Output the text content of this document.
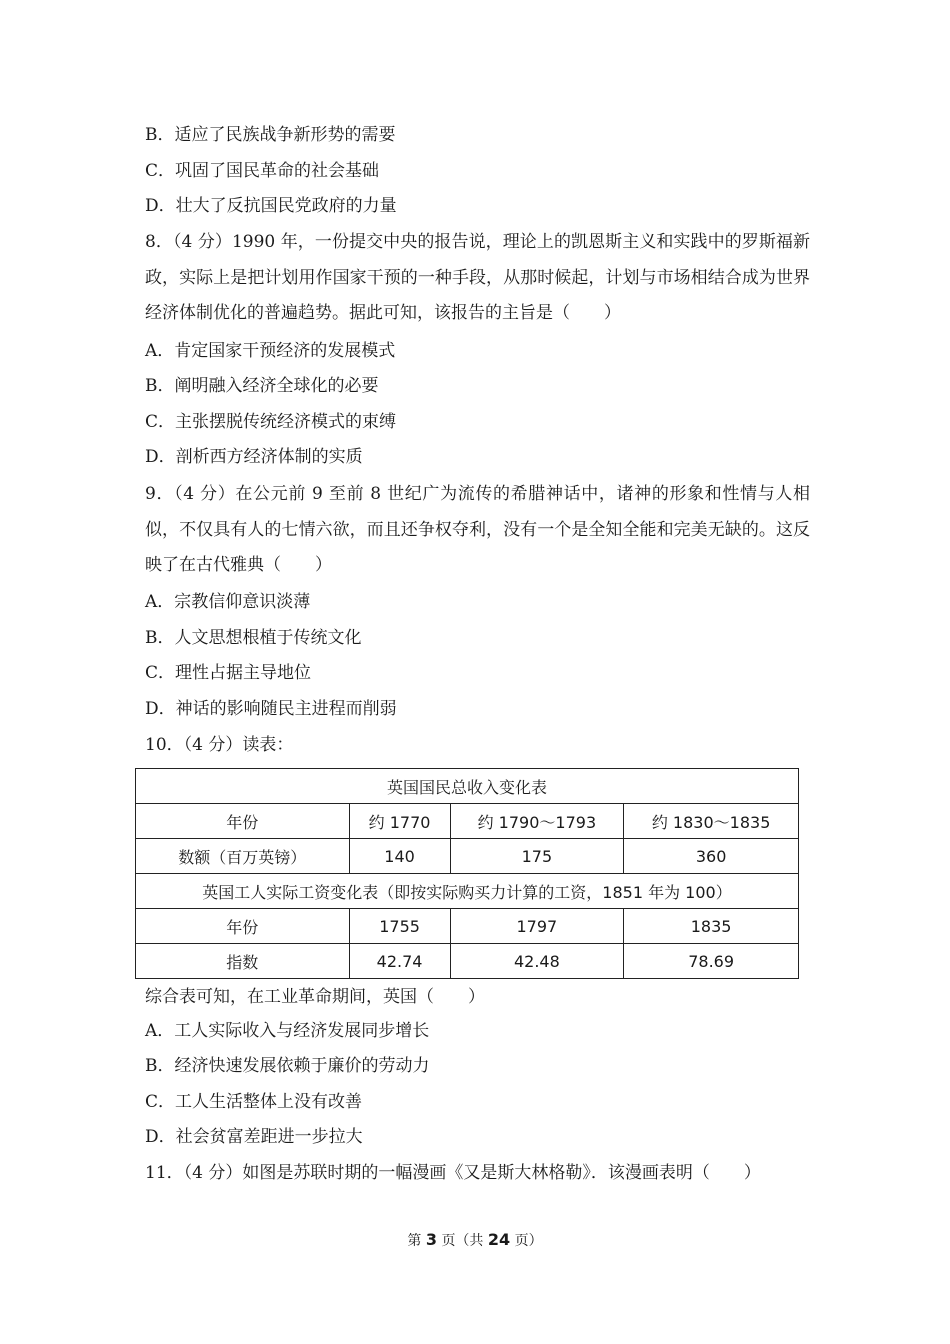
B．适应了民族战争新形势的需要
C．巩固了国民革命的社会基础
D．壮大了反抗国民党政府的力量
8．（4 分）1990 年，一份提交中央的报告说，理论上的凯恩斯主义和实践中的罗斯福新政，实际上是把计划用作国家干预的一种手段，从那时候起，计划与市场相结合成为世界经济体制优化的普遍趋势。据此可知，该报告的主旨是（　　）
A．肯定国家干预经济的发展模式
B．阐明融入经济全球化的必要
C．主张摆脱传统经济模式的束缚
D．剖析西方经济体制的实质
9．（4 分）在公元前 9 至前 8 世纪广为流传的希腊神话中，诸神的形象和性情与人相似，不仅具有人的七情六欲，而且还争权夺利，没有一个是全知全能和完美无缺的。这反映了在古代雅典（　　）
A．宗教信仰意识淡薄
B．人文思想根植于传统文化
C．理性占据主导地位
D．神话的影响随民主进程而削弱
10．（4 分）读表：
英国国民总收入变化表			
年份	约 1770	约 1790～1793	约 1830～1835
数额（百万英镑）	140	175	360
英国工人实际工资变化表（即按实际购买力计算的工资，1851 年为 100）			
年份	1755	1797	1835
指数	42.74	42.48	78.69
综合表可知，在工业革命期间，英国（　　）
A．工人实际收入与经济发展同步增长
B．经济快速发展依赖于廉价的劳动力
C．工人生活整体上没有改善
D．社会贫富差距进一步拉大
11．（4 分）如图是苏联时期的一幅漫画《又是斯大林格勒》．该漫画表明（　　）
第 3 页（共 24 页）
